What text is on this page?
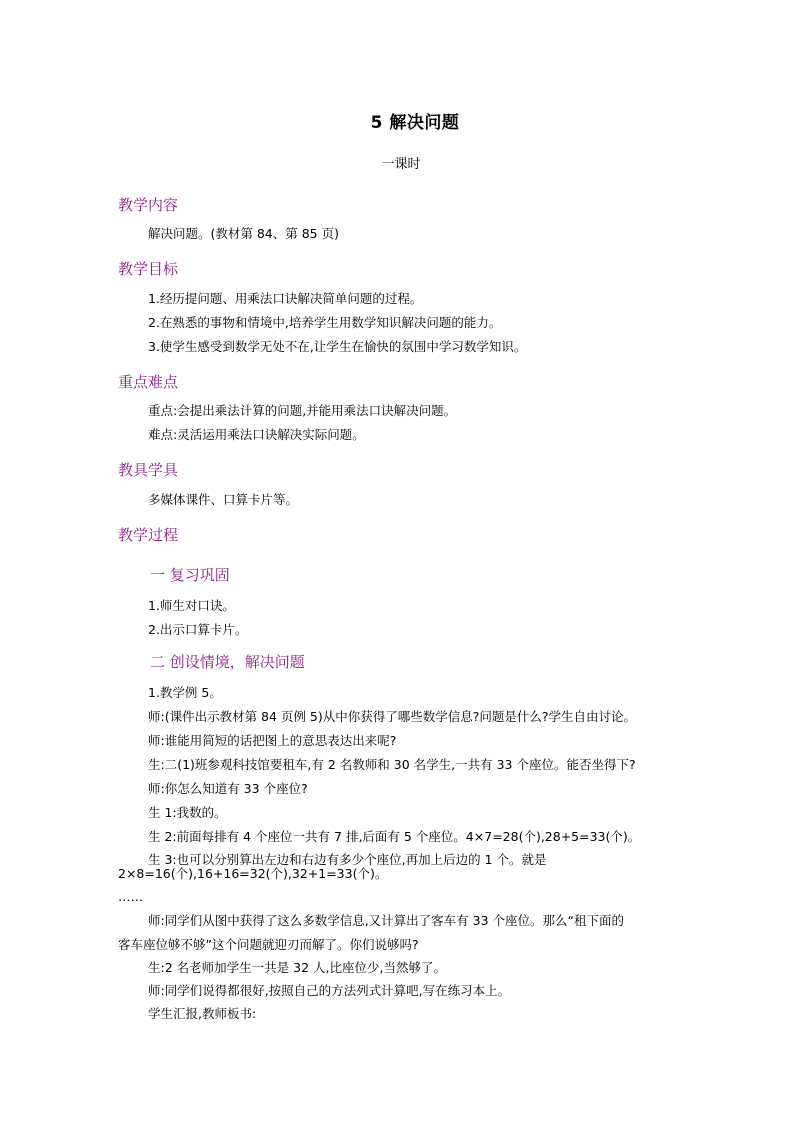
5 解决问题
一课时
教学内容
解决问题。(教材第 84、第 85 页)
教学目标
1.经历提问题、用乘法口诀解决简单问题的过程。
2.在熟悉的事物和情境中,培养学生用数学知识解决问题的能力。
3.使学生感受到数学无处不在,让学生在愉快的氛围中学习数学知识。
重点难点
重点:会提出乘法计算的问题,并能用乘法口诀解决问题。
难点:灵活运用乘法口诀解决实际问题。
教具学具
多媒体课件、口算卡片等。
教学过程
一 复习巩固
1.师生对口诀。
2.出示口算卡片。
二 创设情境，解决问题
1.教学例 5。
师:(课件出示教材第 84 页例 5)从中你获得了哪些数学信息?问题是什么?学生自由讨论。
师:谁能用简短的话把图上的意思表达出来呢?
生:二(1)班参观科技馆要租车,有 2 名教师和 30 名学生,一共有 33 个座位。能否坐得下?
师:你怎么知道有 33 个座位?
生 1:我数的。
生 2:前面每排有 4 个座位一共有 7 排,后面有 5 个座位。4×7=28(个),28+5=33(个)。
生 3:也可以分别算出左边和右边有多少个座位,再加上后边的 1 个。就是
2×8=16(个),16+16=32(个),32+1=33(个)。
……
师:同学们从图中获得了这么多数学信息,又计算出了客车有 33 个座位。那么“租下面的
客车座位够不够”这个问题就迎刃而解了。你们说够吗?
生:2 名老师加学生一共是 32 人,比座位少,当然够了。
师:同学们说得都很好,按照自己的方法列式计算吧,写在练习本上。
学生汇报,教师板书:
